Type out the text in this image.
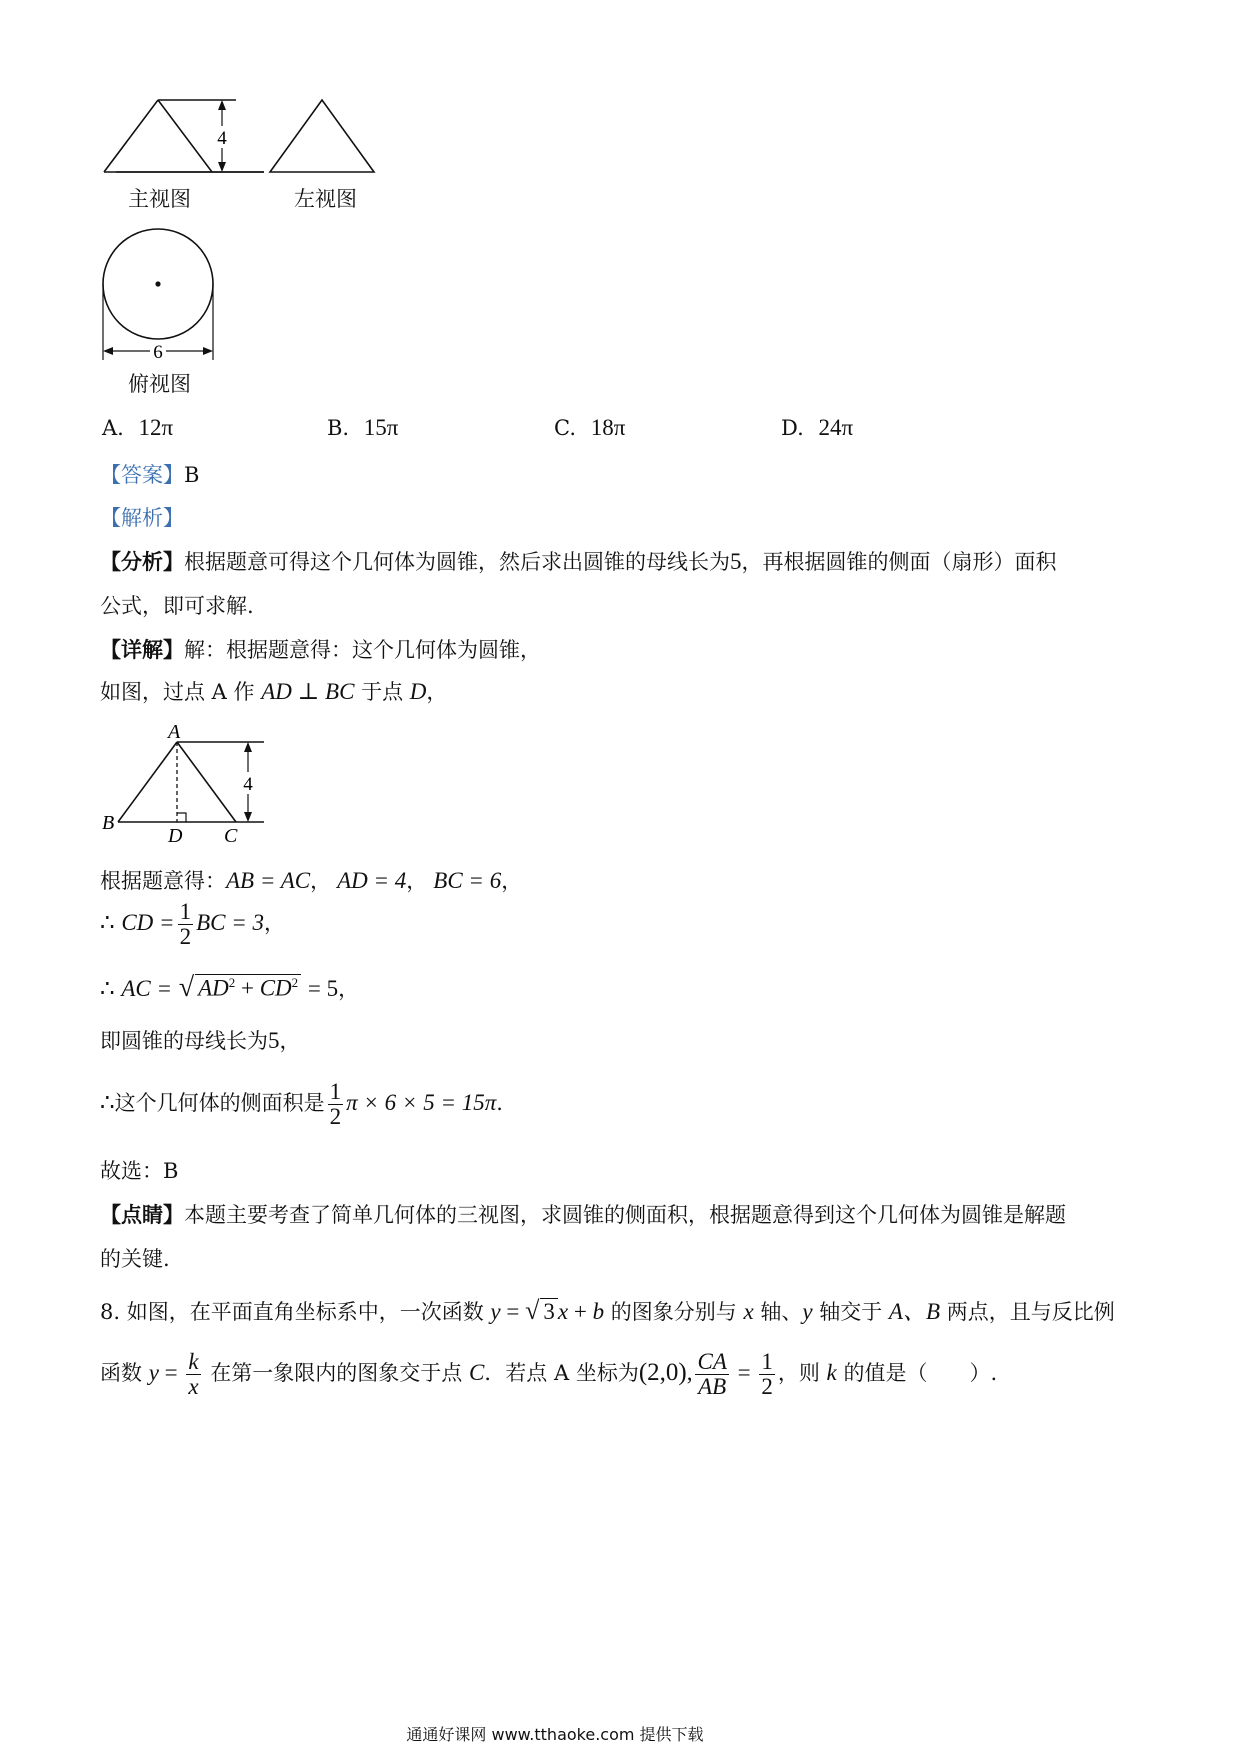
4
主视图	左视图
6
俯视图
A. 12π	B. 15π	C. 18π	D. 24π
【答案】B
【解析】
【分析】根据题意可得这个几何体为圆锥，然后求出圆锥的母线长为5，再根据圆锥的侧面（扇形）面积
公式，即可求解.
【详解】解：根据题意得：这个几何体为圆锥，
如图，过点 A 作 AD ⊥ BC 于点 D，
4
A
B
D C
根据题意得：AB = AC， AD = 4， BC = 6，
∴ CD = $\frac{1}{2}$ BC = 3，
∴ AC = √ $AD^2 + CD^2 = 5$，
即圆锥的母线长为5，
∴这个几何体的侧面积是 $\frac{1}{2}$ π × 6 × 5 = 15π.
故选：B
【点睛】本题主要考查了简单几何体的三视图，求圆锥的侧面积，根据题意得到这个几何体为圆锥是解题
的关键.
8. 如图，在平面直角坐标系中，一次函数 y = √ 3 x + b 的图象分别与 x 轴、y 轴交于 A、B 两点，且与反比例
函数 $y = \frac{k}{x}$ 在第一象限内的图象交于点 C．若点 A 坐标为(2,0), $\frac{CA}{AB} = \frac{1}{2}$ ，则 k 的值是（　　）.
通通好课网 www.tthaoke.com 提供下载
